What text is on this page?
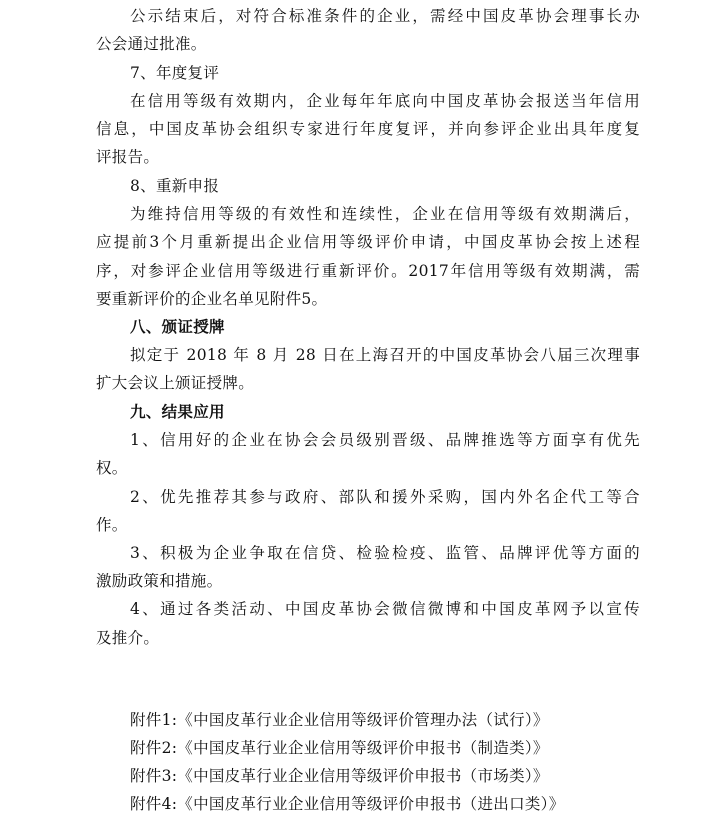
公示结束后，对符合标准条件的企业，需经中国皮革协会理事长办
公会通过批准。
7、年度复评
在信用等级有效期内，企业每年年底向中国皮革协会报送当年信用
信息，中国皮革协会组织专家进行年度复评，并向参评企业出具年度复
评报告。
8、重新申报
为维持信用等级的有效性和连续性，企业在信用等级有效期满后，
应提前3个月重新提出企业信用等级评价申请，中国皮革协会按上述程
序，对参评企业信用等级进行重新评价。2017年信用等级有效期满，需
要重新评价的企业名单见附件5。
八、颁证授牌
拟定于 2018 年 8 月 28 日在上海召开的中国皮革协会八届三次理事
扩大会议上颁证授牌。
九、结果应用
1、信用好的企业在协会会员级别晋级、品牌推选等方面享有优先
权。
2、优先推荐其参与政府、部队和援外采购，国内外名企代工等合
作。
3、积极为企业争取在信贷、检验检疫、监管、品牌评优等方面的
激励政策和措施。
4、通过各类活动、中国皮革协会微信微博和中国皮革网予以宣传
及推介。
附件1:《中国皮革行业企业信用等级评价管理办法（试行）》
附件2:《中国皮革行业企业信用等级评价申报书（制造类）》
附件3:《中国皮革行业企业信用等级评价申报书（市场类）》
附件4:《中国皮革行业企业信用等级评价申报书（进出口类）》
